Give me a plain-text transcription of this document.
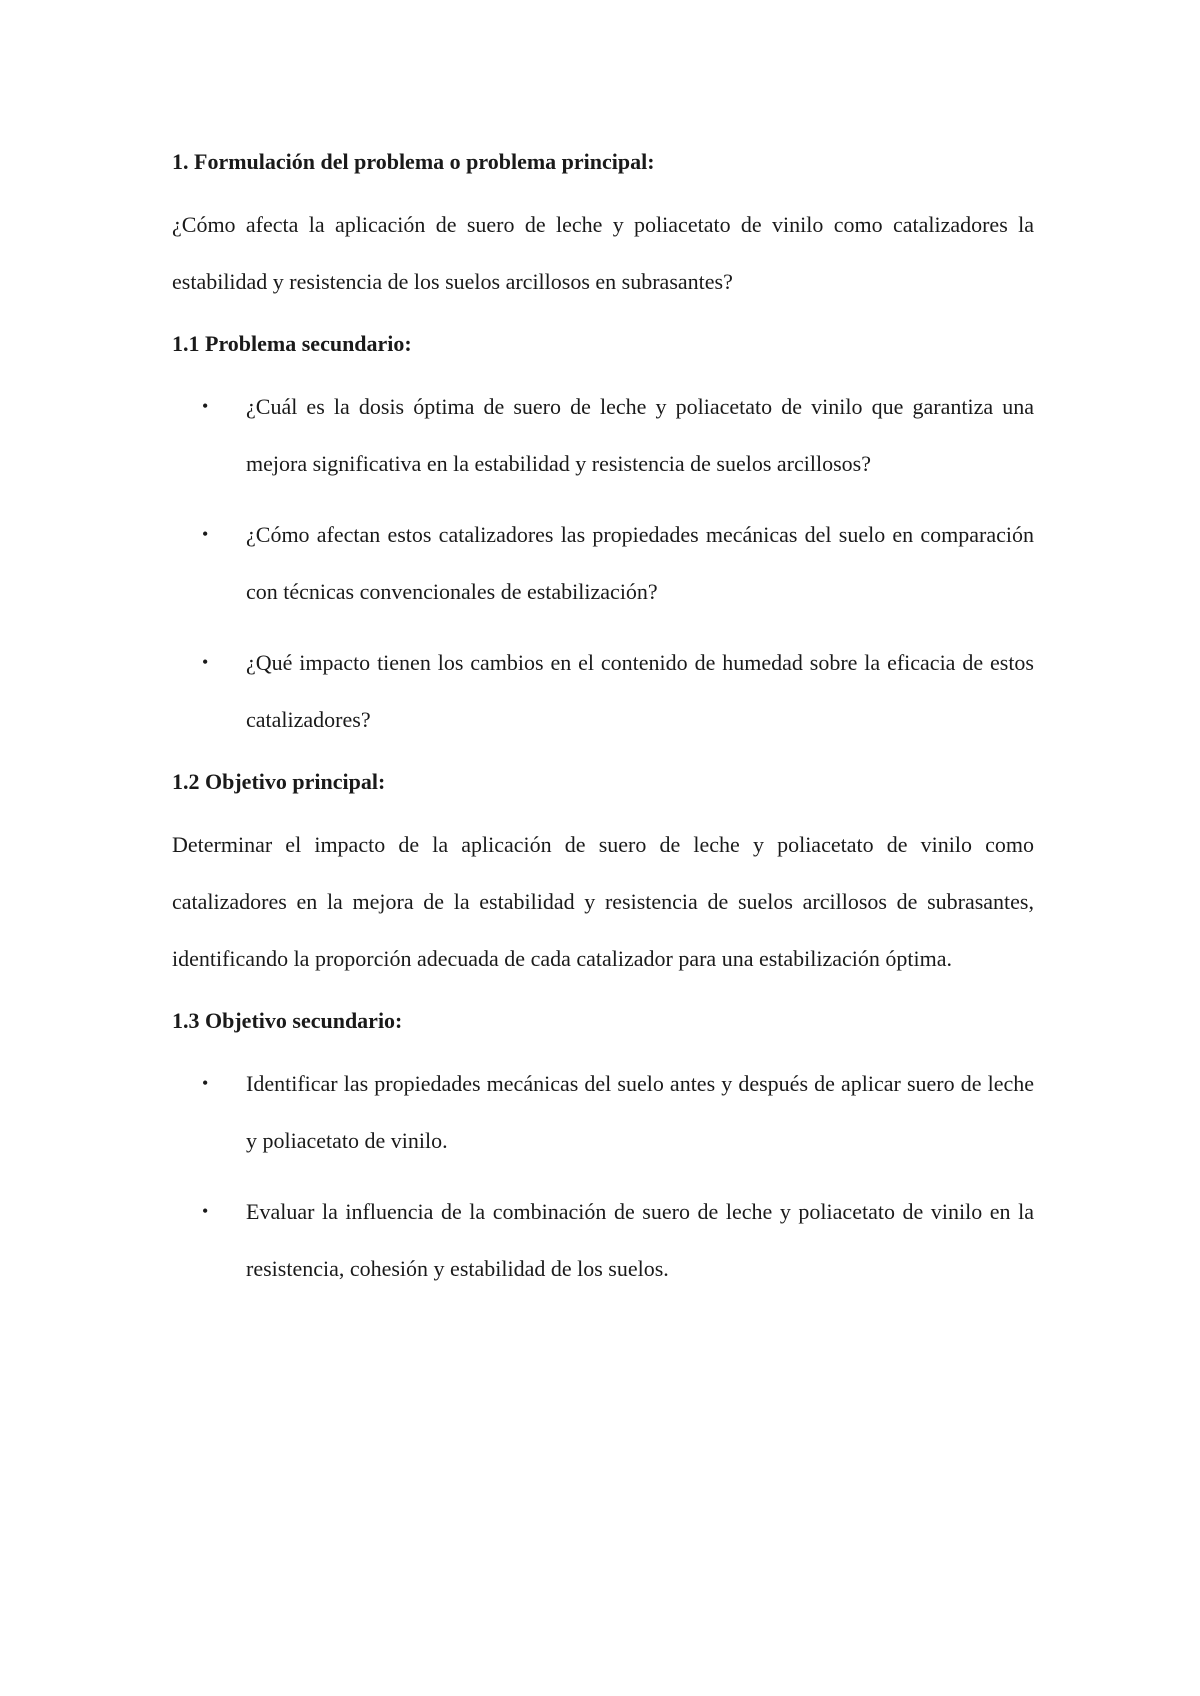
1. Formulación del problema o problema principal:

¿Cómo afecta la aplicación de suero de leche y poliacetato de vinilo como catalizadores la estabilidad y resistencia de los suelos arcillosos en subrasantes?

1.1 Problema secundario:
• ¿Cuál es la dosis óptima de suero de leche y poliacetato de vinilo que garantiza una mejora significativa en la estabilidad y resistencia de suelos arcillosos?
• ¿Cómo afectan estos catalizadores las propiedades mecánicas del suelo en comparación con técnicas convencionales de estabilización?
• ¿Qué impacto tienen los cambios en el contenido de humedad sobre la eficacia de estos catalizadores?
1.2 Objetivo principal:

Determinar el impacto de la aplicación de suero de leche y poliacetato de vinilo como catalizadores en la mejora de la estabilidad y resistencia de suelos arcillosos de subrasantes, identificando la proporción adecuada de cada catalizador para una estabilización óptima.

1.3 Objetivo secundario:
• Identificar las propiedades mecánicas del suelo antes y después de aplicar suero de leche y poliacetato de vinilo.
• Evaluar la influencia de la combinación de suero de leche y poliacetato de vinilo en la resistencia, cohesión y estabilidad de los suelos.
